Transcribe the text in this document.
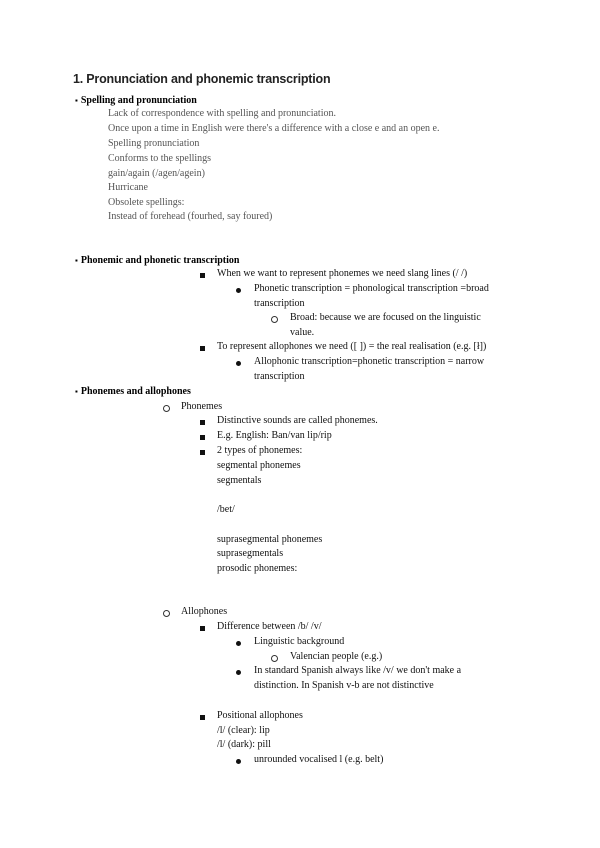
1. Pronunciation and phonemic transcription
▪ Spelling and pronunciation
Lack of correspondence with spelling and pronunciation.
Once upon a time in English were there's a difference with a close e and an open e.
Spelling pronunciation
Conforms to the spellings
gain/again (/agen/agein)
Hurricane
Obsolete spellings:
Instead of forehead (fourhed, say foured)
▪ Phonemic and phonetic transcription
When we want to represent phonemes we need slang lines (/ /)
Phonetic transcription = phonological transcription =broad
transcription
Broad: because we are focused on the linguistic
value.
To represent allophones we need ([ ]) = the real realisation (e.g. [ł])
Allophonic transcription=phonetic transcription = narrow
transcription
▪ Phonemes and allophones
Phonemes
Distinctive sounds are called phonemes.
E.g. English: Ban/van lip/rip
2 types of phonemes:
segmental phonemes
segmentals
/bet/
suprasegmental phonemes
suprasegmentals
prosodic phonemes:
Allophones
Difference between /b/ /v/
Linguistic background
Valencian people (e.g.)
In standard Spanish always like /v/ we don't make a
distinction. In Spanish v-b are not distinctive
Positional allophones
/l/ (clear): lip
/l/ (dark): pill
unrounded vocalised l (e.g. belt)
